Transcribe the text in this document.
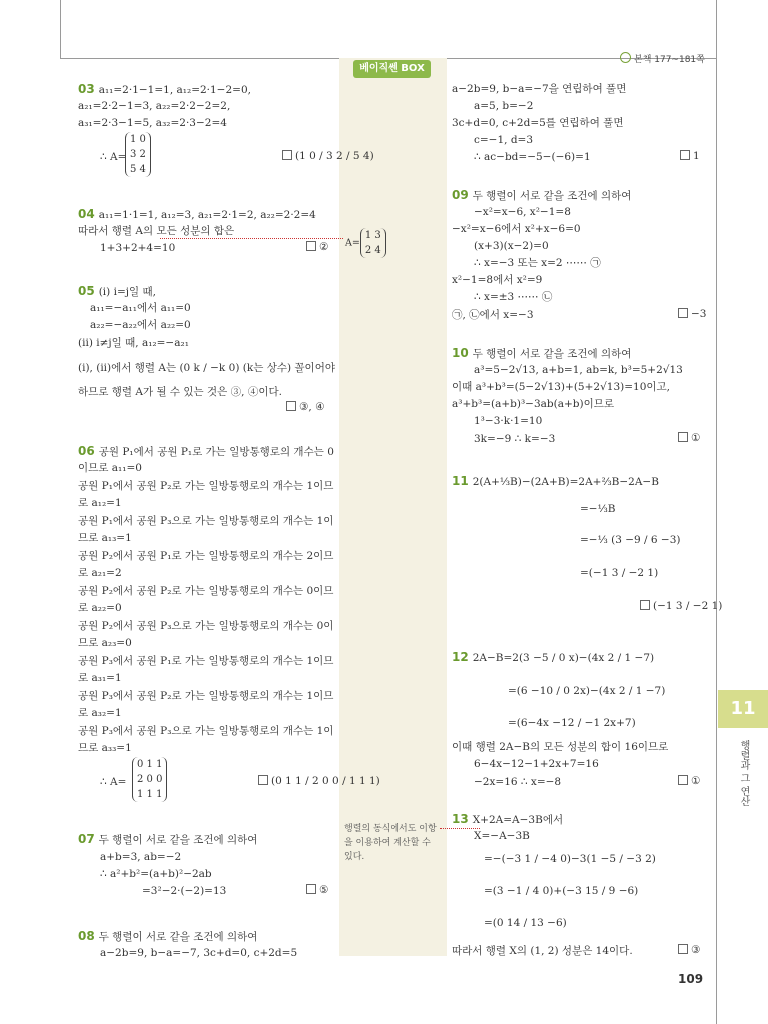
베이직쎈 BOX
본책 177~181쪽
03 a₁₁=2·1−1=1, a₁₂=2·1−2=0,
a₂₁=2·2−1=3, a₂₂=2·2−2=2,
a₃₁=2·3−1=5, a₃₂=2·3−2=4
∴ A=
04 a₁₁=1·1=1, a₁₂=3, a₂₁=2·1=2, a₂₂=2·2=4
따라서 행렬 A의 모든 성분의 합은
1+3+2+4=10
05 (i) i=j일 때,
a₁₁=−a₁₁에서 a₁₁=0
a₂₂=−a₂₂에서 a₂₂=0
(ii) i≠j일 때, a₁₂=−a₂₁
(i), (ii)에서 행렬 A는 (0 k / −k 0) (k는 상수) 꼴이어야
하므로 행렬 A가 될 수 있는 것은 ③, ④이다.
06 공원 P₁에서 공원 P₁로 가는 일방통행로의 개수는 0
이므로 a₁₁=0
공원 P₁에서 공원 P₂로 가는 일방통행로의 개수는 1이므
로 a₁₂=1
공원 P₁에서 공원 P₃으로 가는 일방통행로의 개수는 1이
므로 a₁₃=1
공원 P₂에서 공원 P₁로 가는 일방통행로의 개수는 2이므
로 a₂₁=2
공원 P₂에서 공원 P₂로 가는 일방통행로의 개수는 0이므
로 a₂₂=0
공원 P₂에서 공원 P₃으로 가는 일방통행로의 개수는 0이
므로 a₂₃=0
공원 P₃에서 공원 P₁로 가는 일방통행로의 개수는 1이므
로 a₃₁=1
공원 P₃에서 공원 P₂로 가는 일방통행로의 개수는 1이므
로 a₃₂=1
공원 P₃에서 공원 P₃으로 가는 일방통행로의 개수는 1이
므로 a₃₃=1
∴ A=
07 두 행렬이 서로 같을 조건에 의하여
a+b=3, ab=−2
∴ a²+b²=(a+b)²−2ab
=3²−2·(−2)=13
08 두 행렬이 서로 같을 조건에 의하여
a−2b=9, b−a=−7, 3c+d=0, c+2d=5
a−2b=9, b−a=−7을 연립하여 풀면
a=5, b=−2
3c+d=0, c+2d=5를 연립하여 풀면
c=−1, d=3
∴ ac−bd=−5−(−6)=1
09 두 행렬이 서로 같을 조건에 의하여
−x²=x−6, x²−1=8
−x²=x−6에서 x²+x−6=0
(x+3)(x−2)=0
∴ x=−3 또는 x=2 ⋯⋯ ㉠
x²−1=8에서 x²=9
∴ x=±3 ⋯⋯ ㉡
㉠, ㉡에서 x=−3
10 두 행렬이 서로 같을 조건에 의하여
a³=5−2√13, a+b=1, ab=k, b³=5+2√13
이때 a³+b³=(5−2√13)+(5+2√13)=10이고,
a³+b³=(a+b)³−3ab(a+b)이므로
1³−3·k·1=10
3k=−9 ∴ k=−3
11 2(A+⅓B)−(2A+B)=2A+⅔B−2A−B
=−⅓B
=−⅓ (3 −9 / 6 −3)
=(−1 3 / −2 1)
12 2A−B=2(3 −5 / 0 x)−(4x 2 / 1 −7)
=(6 −10 / 0 2x)−(4x 2 / 1 −7)
=(6−4x −12 / −1 2x+7)
이때 행렬 2A−B의 모든 성분의 합이 16이므로
6−4x−12−1+2x+7=16
−2x=16 ∴ x=−8
13 X+2A=A−3B에서
X=−A−3B
=−(−3 1 / −4 0)−3(1 −5 / −3 2)
=(3 −1 / 4 0)+(−3 15 / 9 −6)
=(0 14 / 13 −6)
따라서 행렬 X의 (1, 2) 성분은 14이다.
(1 0 / 3 2 / 5 4)
②
③, ④
(0 1 1 / 2 0 0 / 1 1 1)
⑤
1
−3
①
(−1 3 / −2 1)
①
③
1 0
3 2
5 4
0 1 1
2 0 0
1 1 1
A=
1 3
2 4
행렬의 동식에서도 이항을 이용하여 계산할 수 있다.
11
행렬과 그 연산
109
